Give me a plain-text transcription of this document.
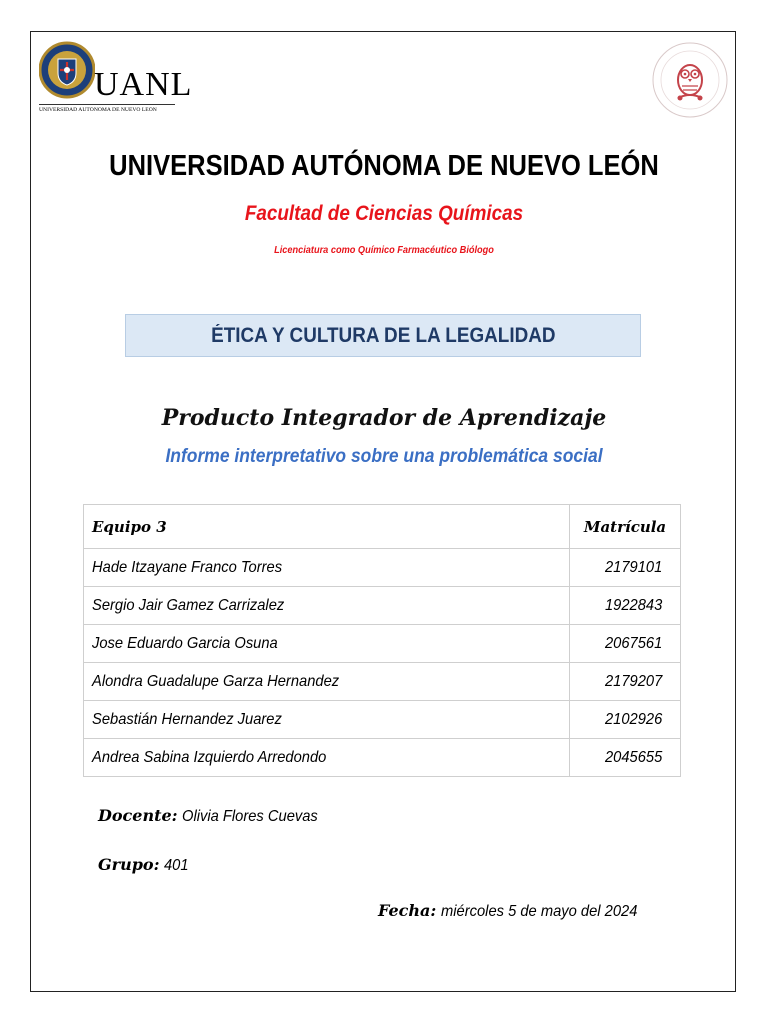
UANL
UNIVERSIDAD AUTÓNOMA DE NUEVO LEÓN
UNIVERSIDAD AUTÓNOMA DE NUEVO LEÓN
Facultad de Ciencias Químicas
Licenciatura como Químico Farmacéutico Biólogo
ÉTICA Y CULTURA DE LA LEGALIDAD
Producto Integrador de Aprendizaje
Informe interpretativo sobre una problemática social
Equipo 3	Matrícula
Hade Itzayane Franco Torres	2179101
Sergio Jair Gamez Carrizalez	1922843
Jose Eduardo Garcia Osuna	2067561
Alondra Guadalupe Garza Hernandez	2179207
Sebastián Hernandez Juarez	2102926
Andrea Sabina Izquierdo Arredondo	2045655
Docente: Olivia Flores Cuevas
Grupo: 401
Fecha: miércoles 5 de mayo del 2024
